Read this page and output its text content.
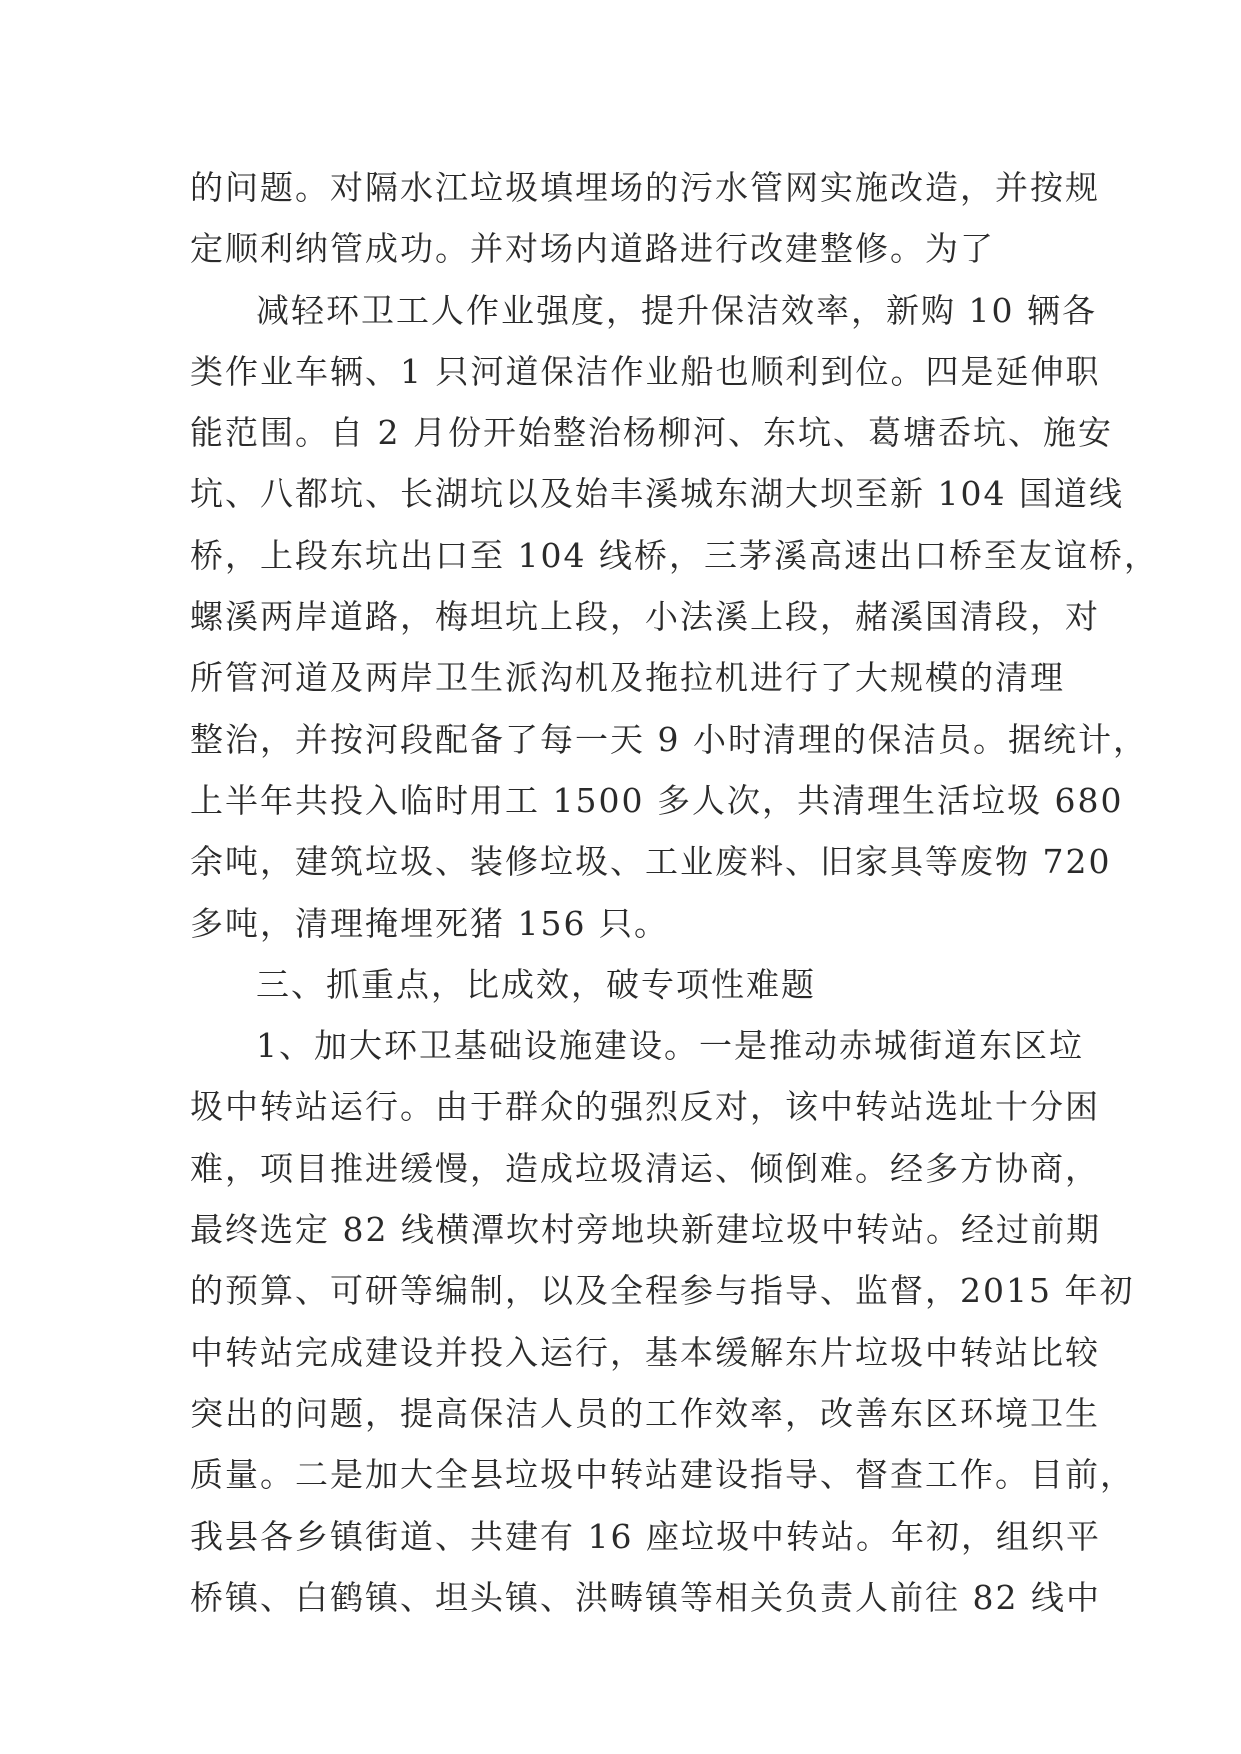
的问题。对隔水江垃圾填埋场的污水管网实施改造，并按规
定顺利纳管成功。并对场内道路进行改建整修。为了
减轻环卫工人作业强度，提升保洁效率，新购 10 辆各
类作业车辆、1 只河道保洁作业船也顺利到位。四是延伸职
能范围。自 2 月份开始整治杨柳河、东坑、葛塘岙坑、施安
坑、八都坑、长湖坑以及始丰溪城东湖大坝至新 104 国道线
桥，上段东坑出口至 104 线桥，三茅溪高速出口桥至友谊桥，
螺溪两岸道路，梅坦坑上段，小法溪上段，赭溪国清段，对
所管河道及两岸卫生派沟机及拖拉机进行了大规模的清理
整治，并按河段配备了每一天 9 小时清理的保洁员。据统计，
上半年共投入临时用工 1500 多人次，共清理生活垃圾 680
余吨，建筑垃圾、装修垃圾、工业废料、旧家具等废物 720
多吨，清理掩埋死猪 156 只。
三、抓重点，比成效，破专项性难题
1、加大环卫基础设施建设。一是推动赤城街道东区垃
圾中转站运行。由于群众的强烈反对，该中转站选址十分困
难，项目推进缓慢，造成垃圾清运、倾倒难。经多方协商，
最终选定 82 线横潭坎村旁地块新建垃圾中转站。经过前期
的预算、可研等编制，以及全程参与指导、监督，2015 年初
中转站完成建设并投入运行，基本缓解东片垃圾中转站比较
突出的问题，提高保洁人员的工作效率，改善东区环境卫生
质量。二是加大全县垃圾中转站建设指导、督查工作。目前，
我县各乡镇街道、共建有 16 座垃圾中转站。年初，组织平
桥镇、白鹤镇、坦头镇、洪畴镇等相关负责人前往 82 线中
